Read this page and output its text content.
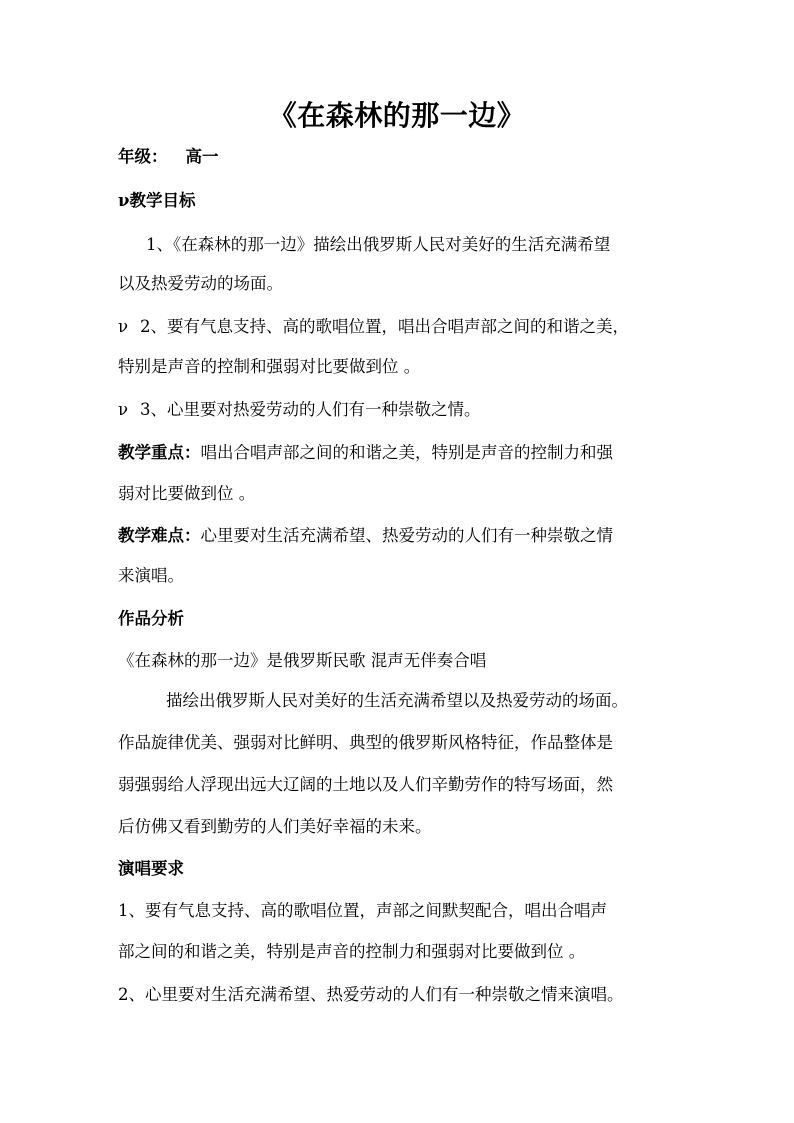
《在森林的那一边》
年级： 高一
ν教学目标
1、《在森林的那一边》描绘出俄罗斯人民对美好的生活充满希望
以及热爱劳动的场面。
ν 2、要有气息支持、高的歌唱位置，唱出合唱声部之间的和谐之美，
特别是声音的控制和强弱对比要做到位 。
ν 3、心里要对热爱劳动的人们有一种崇敬之情。
教学重点：唱出合唱声部之间的和谐之美，特别是声音的控制力和强
弱对比要做到位 。
教学难点：心里要对生活充满希望、热爱劳动的人们有一种崇敬之情
来演唱。
作品分析
《在森林的那一边》是俄罗斯民歌 混声无伴奏合唱
描绘出俄罗斯人民对美好的生活充满希望以及热爱劳动的场面。
作品旋律优美、强弱对比鲜明、典型的俄罗斯风格特征，作品整体是
弱强弱给人浮现出远大辽阔的土地以及人们辛勤劳作的特写场面，然
后仿佛又看到勤劳的人们美好幸福的未来。
演唱要求
1、要有气息支持、高的歌唱位置，声部之间默契配合，唱出合唱声
部之间的和谐之美，特别是声音的控制力和强弱对比要做到位 。
2、心里要对生活充满希望、热爱劳动的人们有一种崇敬之情来演唱。
